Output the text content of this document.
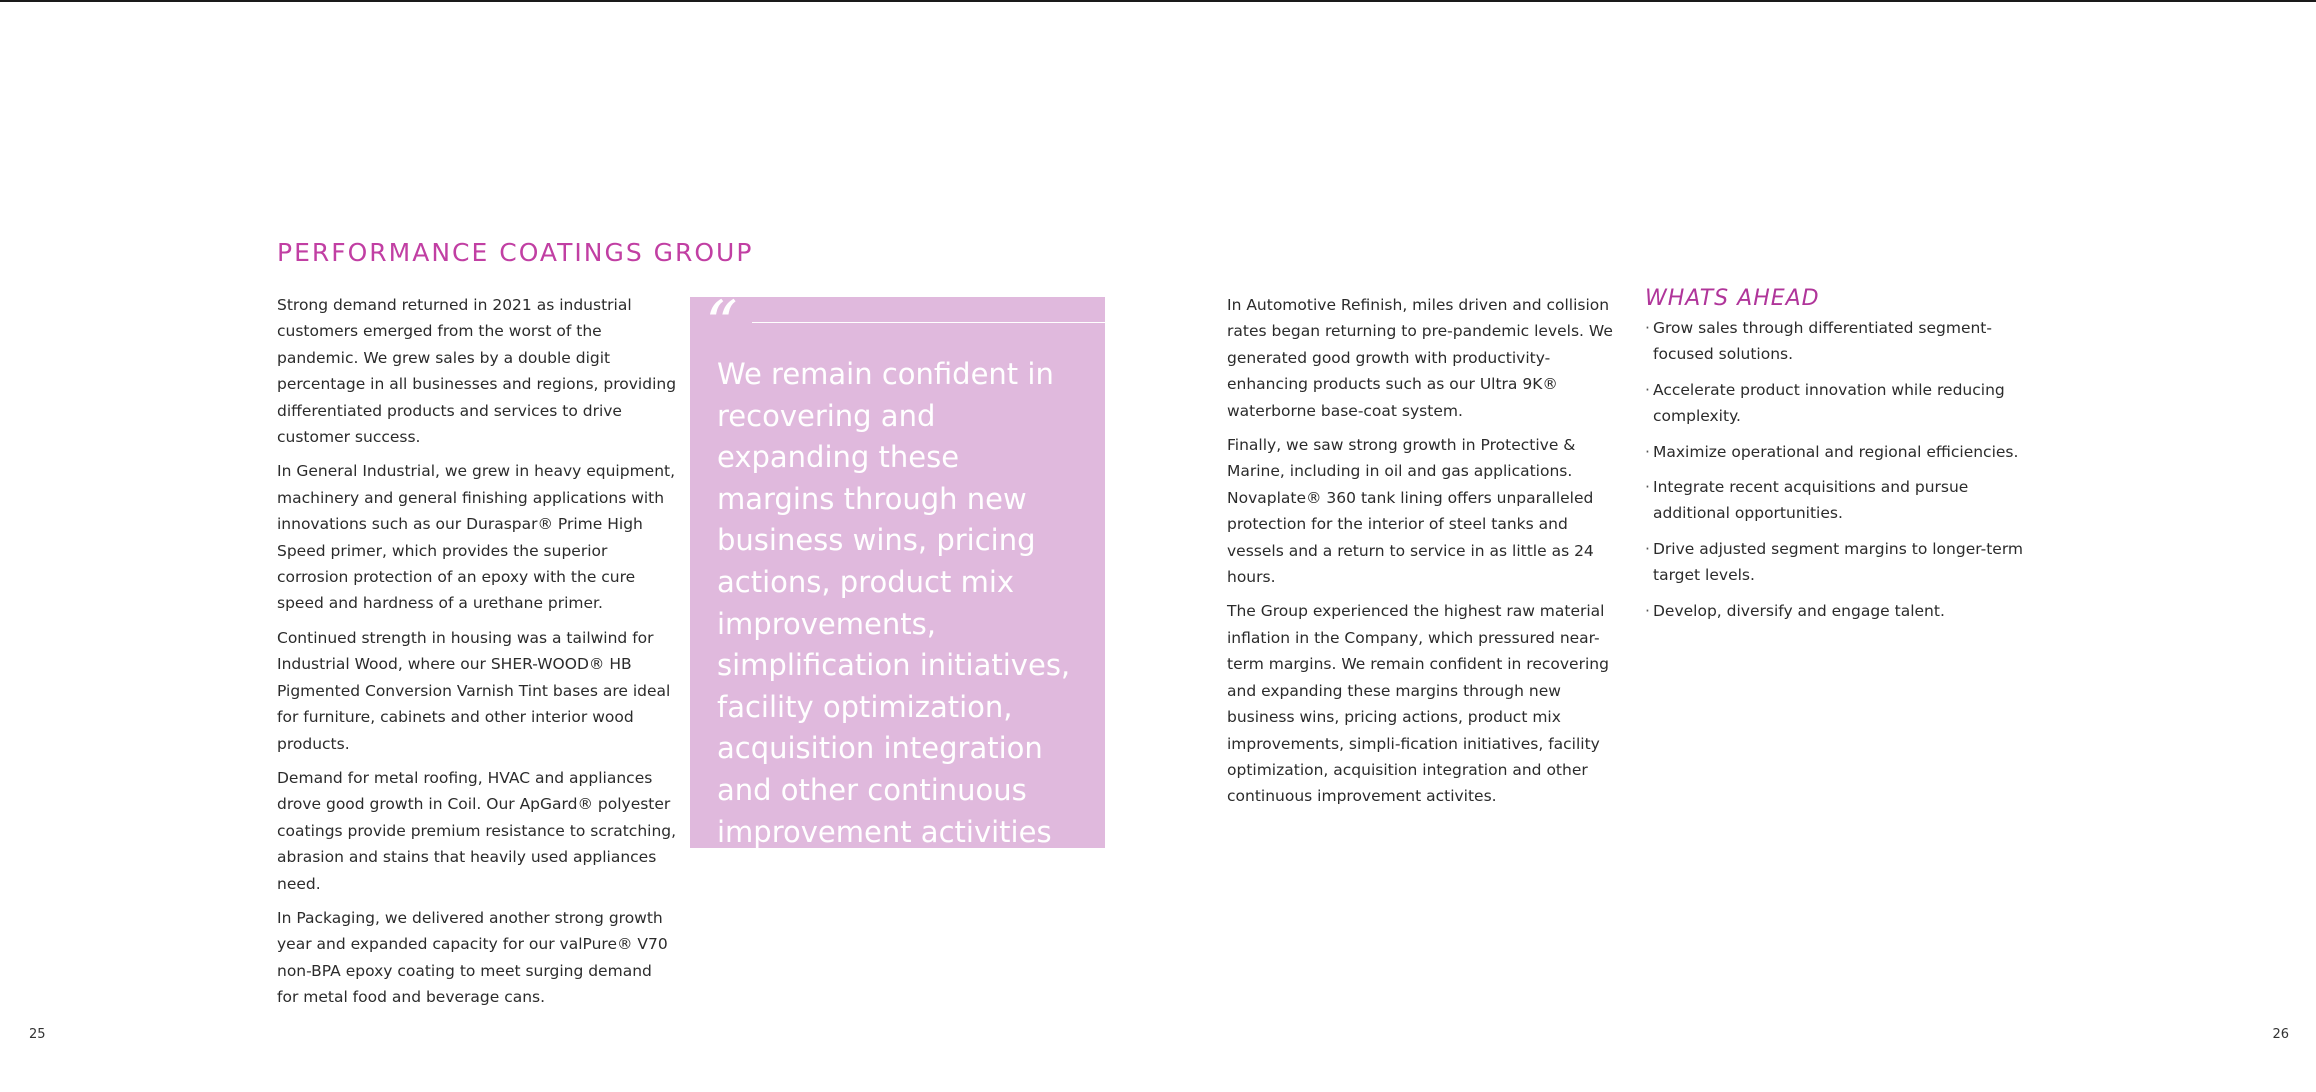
PERFORMANCE COATINGS GROUP

Strong demand returned in 2021 as industrial customers emerged from the worst of the pandemic. We grew sales by a double digit percentage in all businesses and regions, providing differentiated products and services to drive customer success.

In General Industrial, we grew in heavy equipment, machinery and general finishing applications with innovations such as our Duraspar® Prime High Speed primer, which provides the superior corrosion protection of an epoxy with the cure speed and hardness of a urethane primer.

Continued strength in housing was a tailwind for Industrial Wood, where our SHER-WOOD® HB Pigmented Conversion Varnish Tint bases are ideal for furniture, cabinets and other interior wood products.

Demand for metal roofing, HVAC and appliances drove good growth in Coil. Our ApGard® polyester coatings provide premium resistance to scratching, abrasion and stains that heavily used appliances need.

In Packaging, we delivered another strong growth year and expanded capacity for our valPure® V70 non-BPA epoxy coating to meet surging demand for metal food and beverage cans.

“

We remain confident in recovering and expanding these margins through new business wins, pricing actions, product mix improvements, simplification initiatives, facility optimization, acquisition integration and other continuous improvement activities

In Automotive Refinish, miles driven and collision rates began returning to pre-pandemic levels. We generated good growth with productivity-enhancing products such as our Ultra 9K® waterborne base-coat system.

Finally, we saw strong growth in Protective & Marine, including in oil and gas applications. Novaplate® 360 tank lining offers unparalleled protection for the interior of steel tanks and vessels and a return to service in as little as 24 hours.

The Group experienced the highest raw material inflation in the Company, which pressured near-term margins. We remain confident in recovering and expanding these margins through new business wins, pricing actions, product mix improvements, simpli-fication initiatives, facility optimization, acquisition integration and other continuous improvement activites.

WHATS AHEAD
· Grow sales through differentiated segment-focused solutions.
· Accelerate product innovation while reducing complexity.
· Maximize operational and regional efficiencies.
· Integrate recent acquisitions and pursue additional opportunities.
· Drive adjusted segment margins to longer-term target levels.
· Develop, diversify and engage talent.
25	26
